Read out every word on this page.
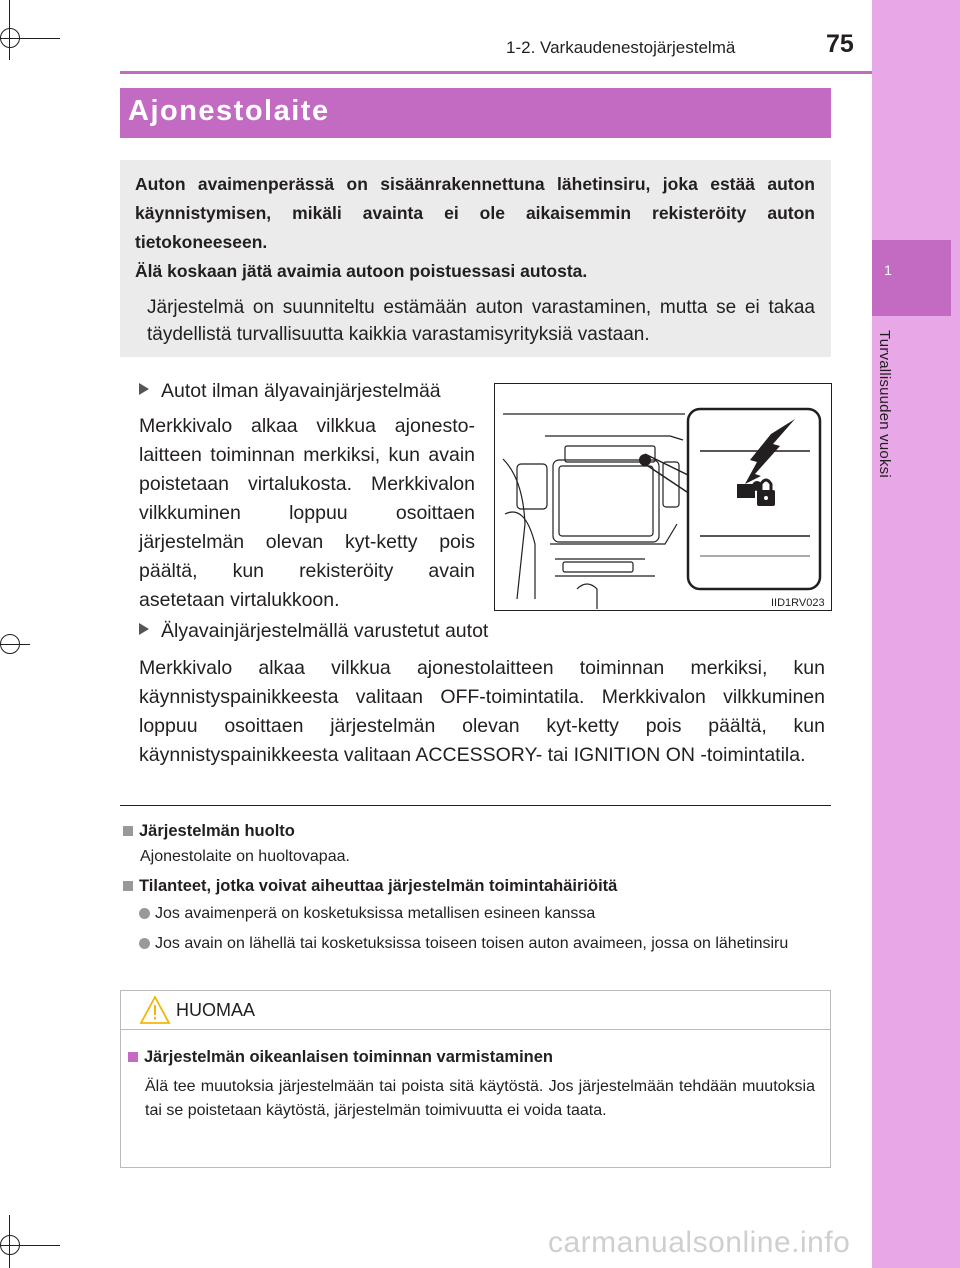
1
Turvallisuuden vuoksi
1-2. Varkaudenestojärjestelmä	75
Ajonestolaite
Auton avaimenperässä on sisäänrakennettuna lähetinsiru, joka estää auton käynnistymisen, mikäli avainta ei ole aikaisemmin rekisteröity auton tietokoneeseen.
Älä koskaan jätä avaimia autoon poistuessasi autosta.
Järjestelmä on suunniteltu estämään auton varastaminen, mutta se ei takaa täydellistä turvallisuutta kaikkia varastamisyrityksiä vastaan.
Autot ilman älyavainjärjestelmää
Merkkivalo alkaa vilkkua ajonesto-laitteen toiminnan merkiksi, kun avain poistetaan virtalukosta. Merkkivalon vilkkuminen loppuu osoittaen järjestelmän olevan kyt-ketty pois päältä, kun rekisteröity avain asetetaan virtalukkoon.	IID1RV023
Älyavainjärjestelmällä varustetut autot
Merkkivalo alkaa vilkkua ajonestolaitteen toiminnan merkiksi, kun käynnistyspainikkeesta valitaan OFF-toimintatila. Merkkivalon vilkkuminen loppuu osoittaen järjestelmän olevan kyt-ketty pois päältä, kun käynnistyspainikkeesta valitaan ACCESSORY- tai IGNITION ON -toimintatila.
Järjestelmän huolto
Ajonestolaite on huoltovapaa.
Tilanteet, jotka voivat aiheuttaa järjestelmän toimintahäiriöitä
Jos avaimenperä on kosketuksissa metallisen esineen kanssa
Jos avain on lähellä tai kosketuksissa toiseen toisen auton avaimeen, jossa on lähetinsiru
HUOMAA
Järjestelmän oikeanlaisen toiminnan varmistaminen
Älä tee muutoksia järjestelmään tai poista sitä käytöstä. Jos järjestelmään tehdään muutoksia tai se poistetaan käytöstä, järjestelmän toimivuutta ei voida taata.
carmanualsonline.info
